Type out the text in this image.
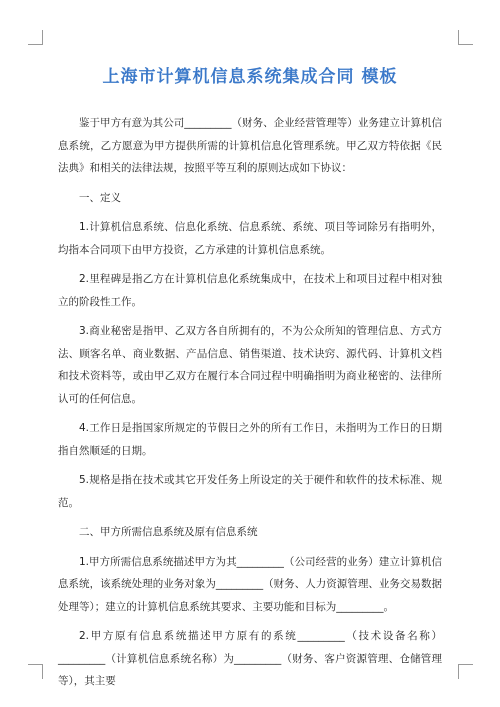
上海市计算机信息系统集成合同 模板

鉴于甲方有意为其公司_________（财务、企业经营管理等）业务建立计算机信息系统，乙方愿意为甲方提供所需的计算机信息化管理系统。甲乙双方特依据《民法典》和相关的法律法规，按照平等互利的原则达成如下协议：

一、定义

1.计算机信息系统、信息化系统、信息系统、系统、项目等词除另有指明外，均指本合同项下由甲方投资，乙方承建的计算机信息系统。

2.里程碑是指乙方在计算机信息化系统集成中，在技术上和项目过程中相对独立的阶段性工作。

3.商业秘密是指甲、乙双方各自所拥有的，不为公众所知的管理信息、方式方法、顾客名单、商业数据、产品信息、销售渠道、技术诀窍、源代码、计算机文档和技术资料等，或由甲乙双方在履行本合同过程中明确指明为商业秘密的、法律所认可的任何信息。

4.工作日是指国家所规定的节假日之外的所有工作日，未指明为工作日的日期指自然顺延的日期。

5.规格是指在技术或其它开发任务上所设定的关于硬件和软件的技术标准、规范。

二、甲方所需信息系统及原有信息系统

1.甲方所需信息系统描述甲方为其_________（公司经营的业务）建立计算机信息系统，该系统处理的业务对象为_________（财务、人力资源管理、业务交易数据处理等）；建立的计算机信息系统其要求、主要功能和目标为_________。

2.甲方原有信息系统描述甲方原有的系统_________（技术设备名称）_________（计算机信息系统名称）为_________（财务、客户资源管理、仓储管理等），其主要
